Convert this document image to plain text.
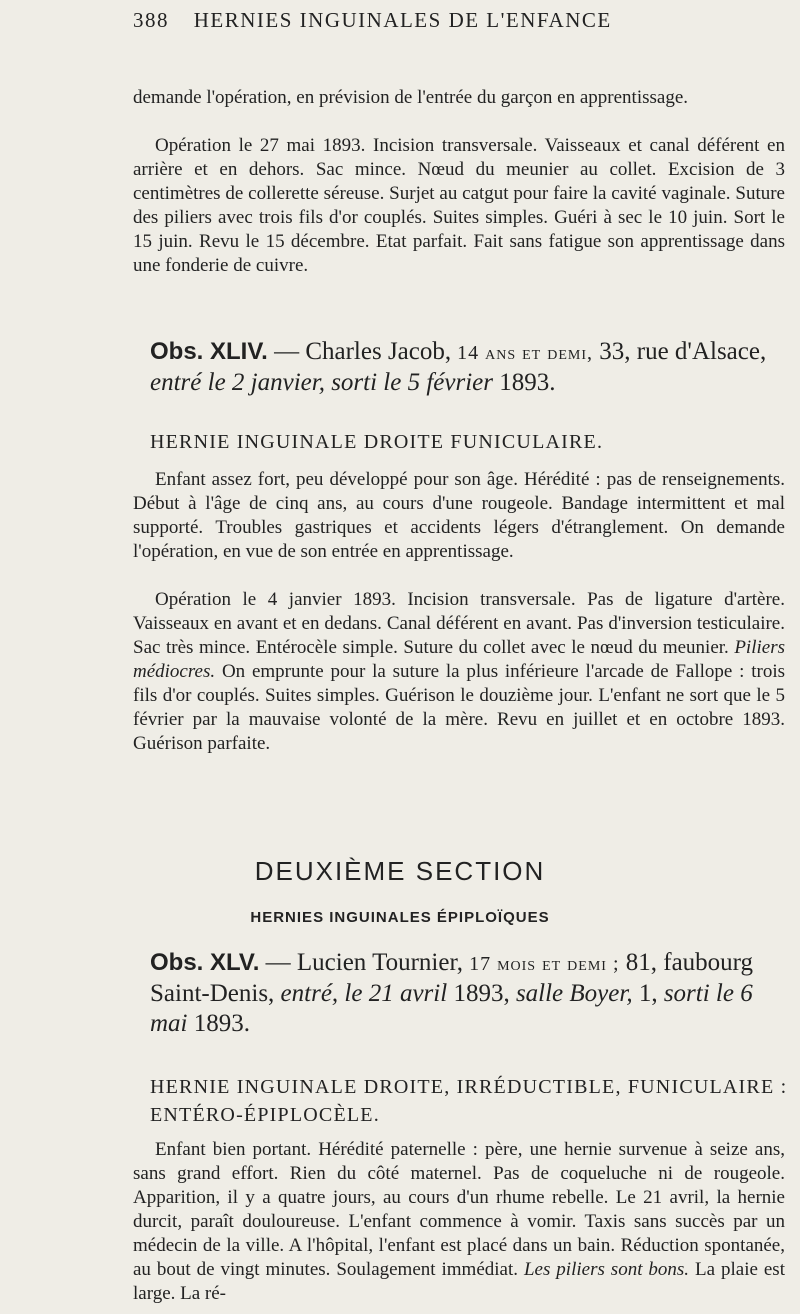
388 HERNIES INGUINALES DE L'ENFANCE
demande l'opération, en prévision de l'entrée du garçon en apprentissage.
Opération le 27 mai 1893. Incision transversale. Vaisseaux et canal déférent en arrière et en dehors. Sac mince. Nœud du meunier au collet. Excision de 3 centimètres de collerette séreuse. Surjet au catgut pour faire la cavité vaginale. Suture des piliers avec trois fils d'or couplés. Suites simples. Guéri à sec le 10 juin. Sort le 15 juin. Revu le 15 décembre. Etat parfait. Fait sans fatigue son apprentissage dans une fonderie de cuivre.
Obs. XLIV. — Charles Jacob, 14 ans et demi, 33, rue d'Alsace, entré le 2 janvier, sorti le 5 février 1893.
HERNIE INGUINALE DROITE FUNICULAIRE.
Enfant assez fort, peu développé pour son âge. Hérédité : pas de renseignements. Début à l'âge de cinq ans, au cours d'une rougeole. Bandage intermittent et mal supporté. Troubles gastriques et accidents légers d'étranglement. On demande l'opération, en vue de son entrée en apprentissage.
Opération le 4 janvier 1893. Incision transversale. Pas de ligature d'artère. Vaisseaux en avant et en dedans. Canal déférent en avant. Pas d'inversion testiculaire. Sac très mince. Entérocèle simple. Suture du collet avec le nœud du meunier. Piliers médiocres. On emprunte pour la suture la plus inférieure l'arcade de Fallope : trois fils d'or couplés. Suites simples. Guérison le douzième jour. L'enfant ne sort que le 5 février par la mauvaise volonté de la mère. Revu en juillet et en octobre 1893. Guérison parfaite.
DEUXIÈME SECTION
HERNIES INGUINALES ÉPIPLOÏQUES
Obs. XLV. — Lucien Tournier, 17 mois et demi ; 81, faubourg Saint-Denis, entré, le 21 avril 1893, salle Boyer, 1, sorti le 6 mai 1893.
HERNIE INGUINALE DROITE, IRRÉDUCTIBLE, FUNICULAIRE : ENTÉRO-ÉPIPLOCÈLE.
Enfant bien portant. Hérédité paternelle : père, une hernie survenue à seize ans, sans grand effort. Rien du côté maternel. Pas de coqueluche ni de rougeole. Apparition, il y a quatre jours, au cours d'un rhume rebelle. Le 21 avril, la hernie durcit, paraît douloureuse. L'enfant commence à vomir. Taxis sans succès par un médecin de la ville. A l'hôpital, l'enfant est placé dans un bain. Réduction spontanée, au bout de vingt minutes. Soulagement immédiat. Les piliers sont bons. La plaie est large. La ré-
